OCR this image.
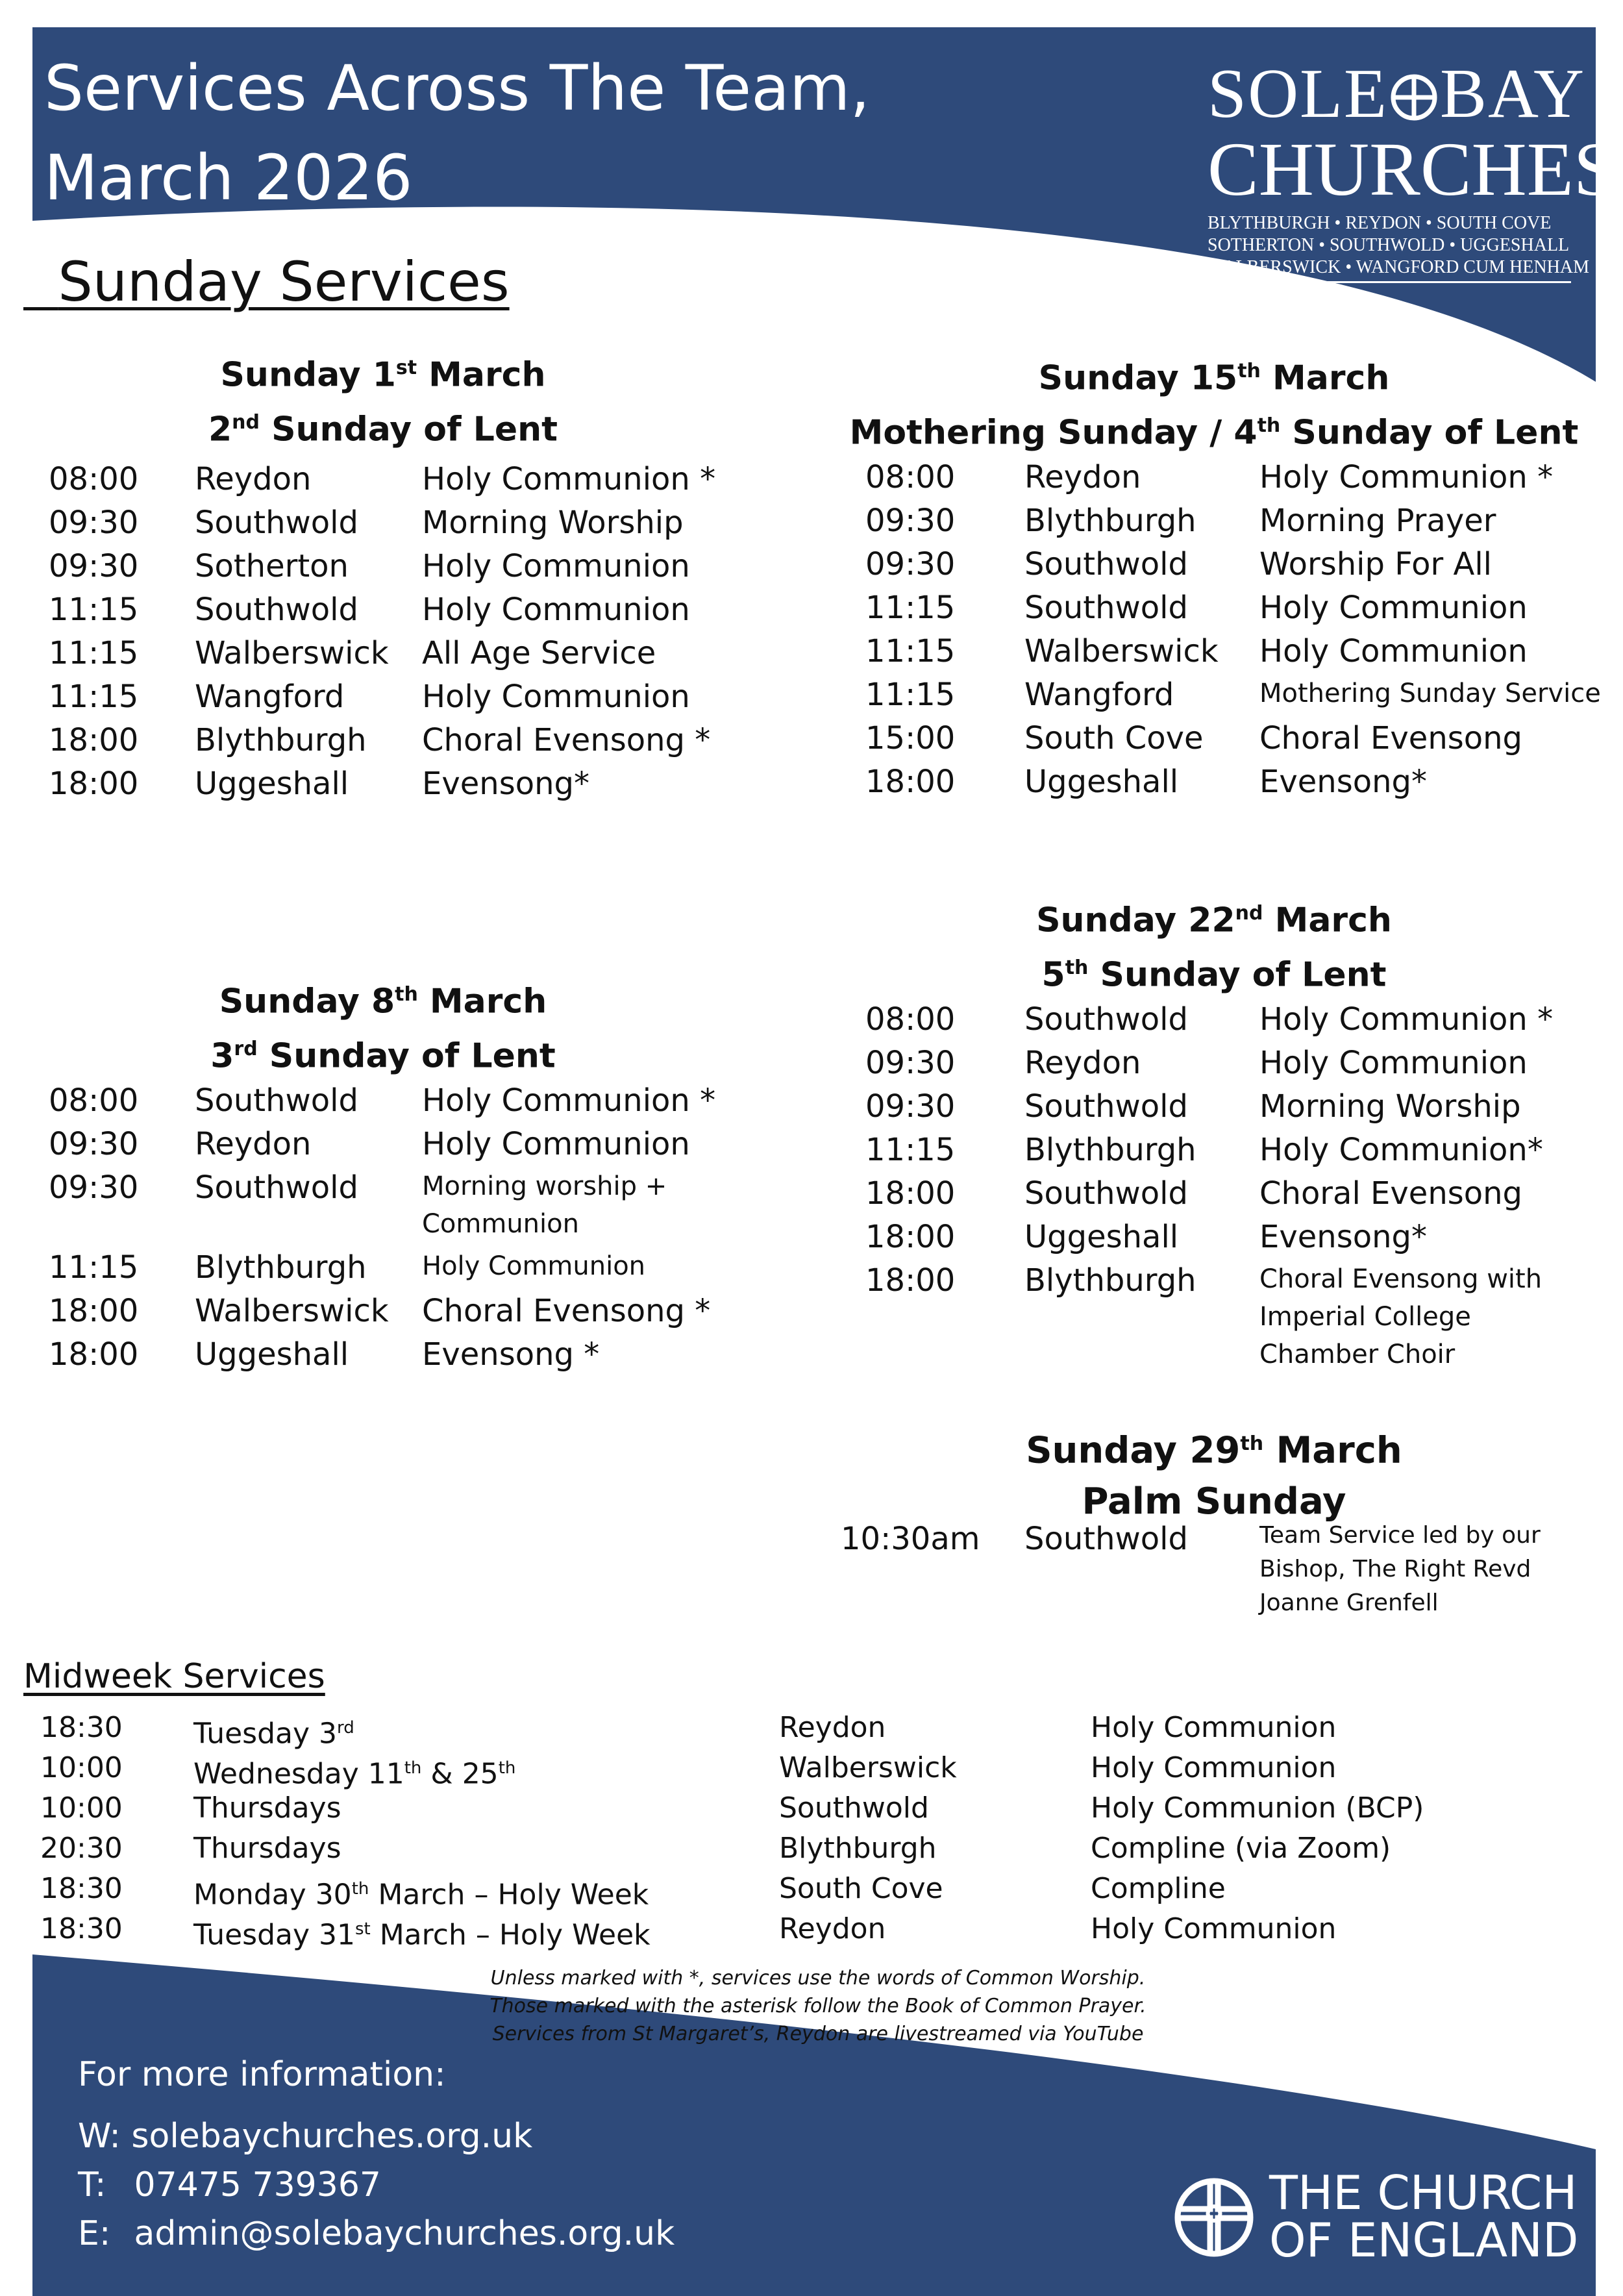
Services Across The Team,
March 2026
SOLE BAY
CHURCHES
BLYTHBURGH • REYDON • SOUTH COVE
SOTHERTON • SOUTHWOLD • UGGESHALL
WALBERSWICK • WANGFORD CUM HENHAM
Sunday Services
Sunday 1st March
2nd Sunday of Lent
Sunday 8th March
3rd Sunday of Lent
Sunday 15th March
Mothering Sunday / 4th Sunday of Lent
Sunday 22nd March
5th Sunday of Lent
Sunday 29th March
Palm Sunday
Midweek Services
Unless marked with *, services use the words of Common Worship.
Those marked with the asterisk follow the Book of Common Prayer.
Services from St Margaret’s, Reydon are livestreamed via YouTube
For more information:
W: solebaychurches.org.uk
T: 07475 739367
E: admin@solebaychurches.org.uk
THE CHURCH
OF ENGLAND
08:00 Reydon	Holy Communion *
09:30 Southwold Morning Worship
09:30 Sotherton Holy Communion
11:15 Southwold Holy Communion
11:15 Walberswick All Age Service
11:15 Wangford Holy Communion
18:00 Blythburgh Choral Evensong *
18:00 Uggeshall Evensong*
08:00 Southwold Holy Communion *
09:30 Reydon	Holy Communion
09:30 Southwold Morning worship + Communion
11:15 Blythburgh Holy Communion
18:00 Walberswick Choral Evensong *
18:00 Uggeshall Evensong *
08:00 Reydon	Holy Communion *
09:30 Blythburgh Morning Prayer
09:30 Southwold Worship For All
11:15 Southwold Holy Communion
11:15 Walberswick Holy Communion
11:15 Wangford	Mothering Sunday Service
15:00 South Cove Choral Evensong
18:00 Uggeshall	Evensong*
08:00 Southwold Holy Communion *
09:30 Reydon	Holy Communion
09:30 Southwold Morning Worship
11:15 Blythburgh Holy Communion*
18:00 Southwold Choral Evensong
18:00 Uggeshall	Evensong*
18:00 Blythburgh Choral Evensong with Imperial College Chamber Choir
10:30am Southwold	Team Service led by our Bishop, The Right Revd Joanne Grenfell
18:30 Tuesday 3rd	Reydon	Holy Communion
10:00 Wednesday 11th & 25th	Walberswick	Holy Communion
10:00 Thursdays	Southwold	Holy Communion (BCP)
20:30 Thursdays	Blythburgh	Compline (via Zoom)
18:30 Monday 30th March – Holy Week	South Cove	Compline
18:30 Tuesday 31st March – Holy Week	Reydon	Holy Communion
